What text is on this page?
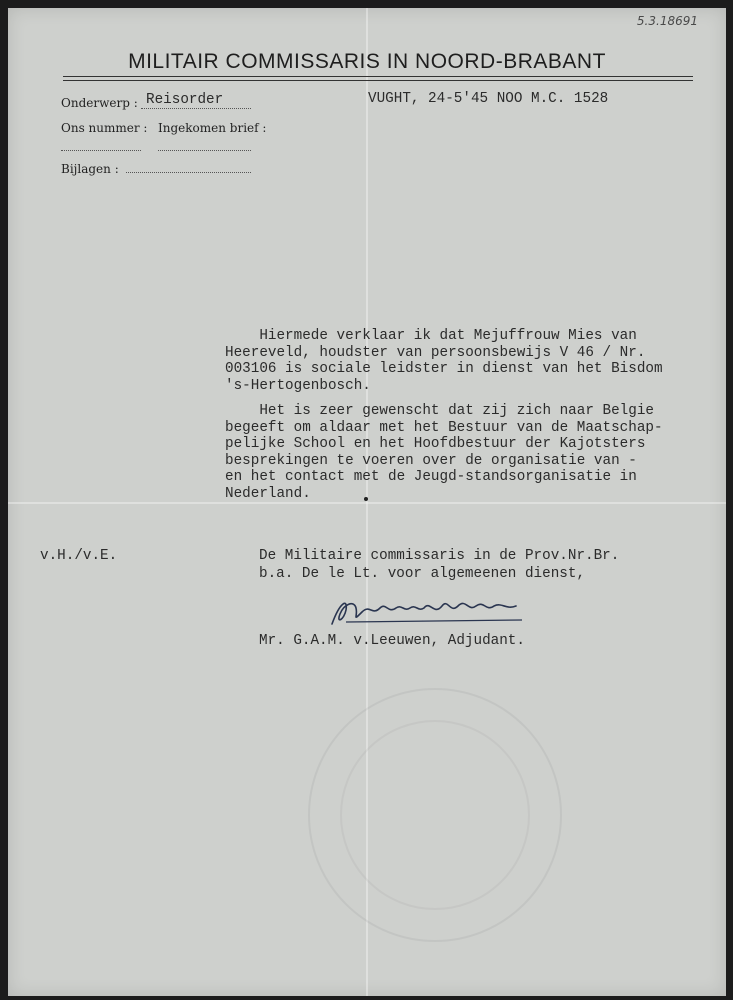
5.3.18691
MILITAIR COMMISSARIS IN NOORD-BRABANT
Onderwerp : Reisorder	VUGHT, 24-5'45 NOO M.C. 1528
Ons nummer : Ingekomen brief :
Bijlagen :
Hiermede verklaar ik dat Mejuffrouw Mies van
Heereveld, houdster van persoonsbewijs V 46 / Nr.
003106 is sociale leidster in dienst van het Bisdom
's-Hertogenbosch.
Het is zeer gewenscht dat zij zich naar Belgie
begeeft om aldaar met het Bestuur van de Maatschap-
pelijke School en het Hoofdbestuur der Kajotsters
besprekingen te voeren over de organisatie van -
en het contact met de Jeugd-standsorganisatie in
Nederland.
v.H./v.E.	De Militaire commissaris in de Prov.Nr.Br.
b.a. De le Lt. voor algemeenen dienst,
Mr. G.A.M. v.Leeuwen, Adjudant.
